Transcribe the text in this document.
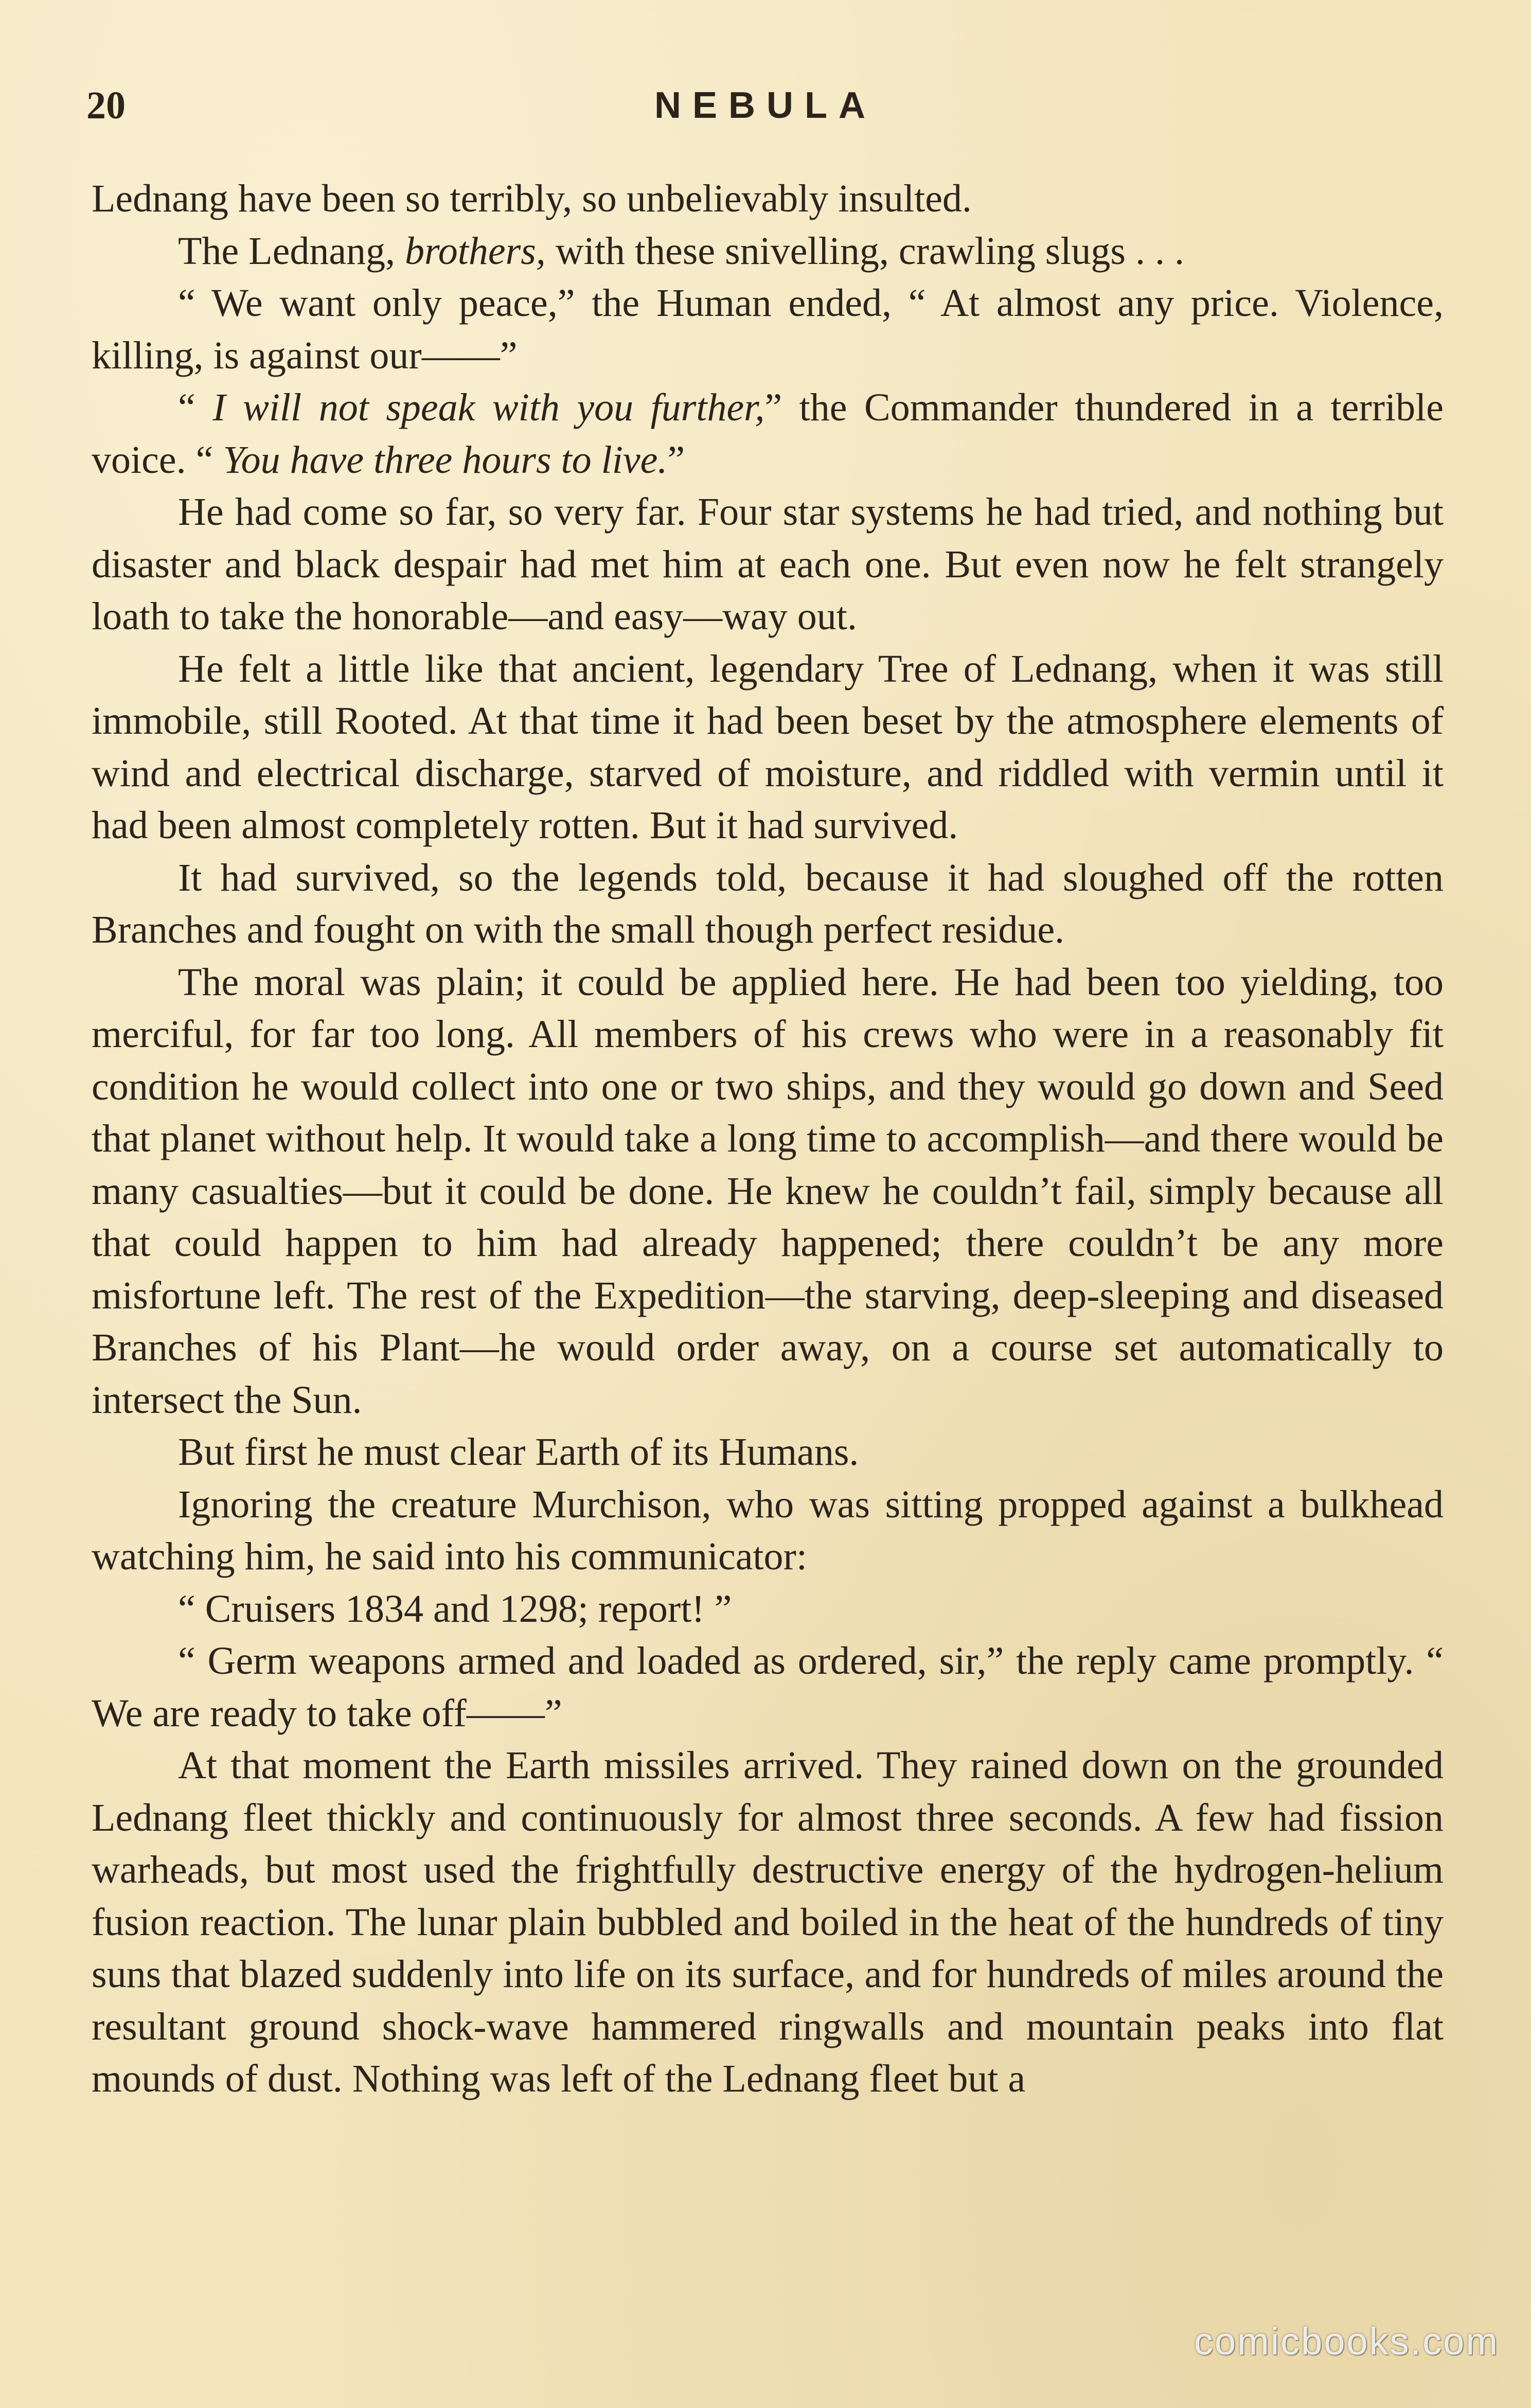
20	NEBULA

Lednang have been so terribly, so unbelievably insulted.

The Lednang, brothers, with these snivelling, crawling slugs . . .

“ We want only peace,” the Human ended, “ At almost any price. Violence, killing, is against our——”

“ I will not speak with you further,” the Commander thundered in a terrible voice. “ You have three hours to live.”

He had come so far, so very far. Four star systems he had tried, and nothing but disaster and black despair had met him at each one. But even now he felt strangely loath to take the honorable—and easy—way out.

He felt a little like that ancient, legendary Tree of Lednang, when it was still immobile, still Rooted. At that time it had been beset by the atmosphere elements of wind and electrical discharge, starved of moisture, and riddled with vermin until it had been almost completely rotten. But it had survived.

It had survived, so the legends told, because it had sloughed off the rotten Branches and fought on with the small though perfect residue.

The moral was plain; it could be applied here. He had been too yielding, too merciful, for far too long. All members of his crews who were in a reasonably fit condition he would collect into one or two ships, and they would go down and Seed that planet without help. It would take a long time to accomplish—and there would be many casualties—but it could be done. He knew he couldn’t fail, simply because all that could happen to him had already happened; there couldn’t be any more misfortune left. The rest of the Expedition—the starving, deep-sleeping and diseased Branches of his Plant—he would order away, on a course set automatically to intersect the Sun.

But first he must clear Earth of its Humans.

Ignoring the creature Murchison, who was sitting propped against a bulkhead watching him, he said into his communicator:

“ Cruisers 1834 and 1298; report! ”

“ Germ weapons armed and loaded as ordered, sir,” the reply came promptly. “ We are ready to take off——”

At that moment the Earth missiles arrived. They rained down on the grounded Lednang fleet thickly and continuously for almost three seconds. A few had fission warheads, but most used the frightfully destructive energy of the hydrogen-helium fusion reaction. The lunar plain bubbled and boiled in the heat of the hundreds of tiny suns that blazed suddenly into life on its surface, and for hundreds of miles around the resultant ground shock-wave hammered ringwalls and mountain peaks into flat mounds of dust. Nothing was left of the Lednang fleet but a

comicbooks.com
